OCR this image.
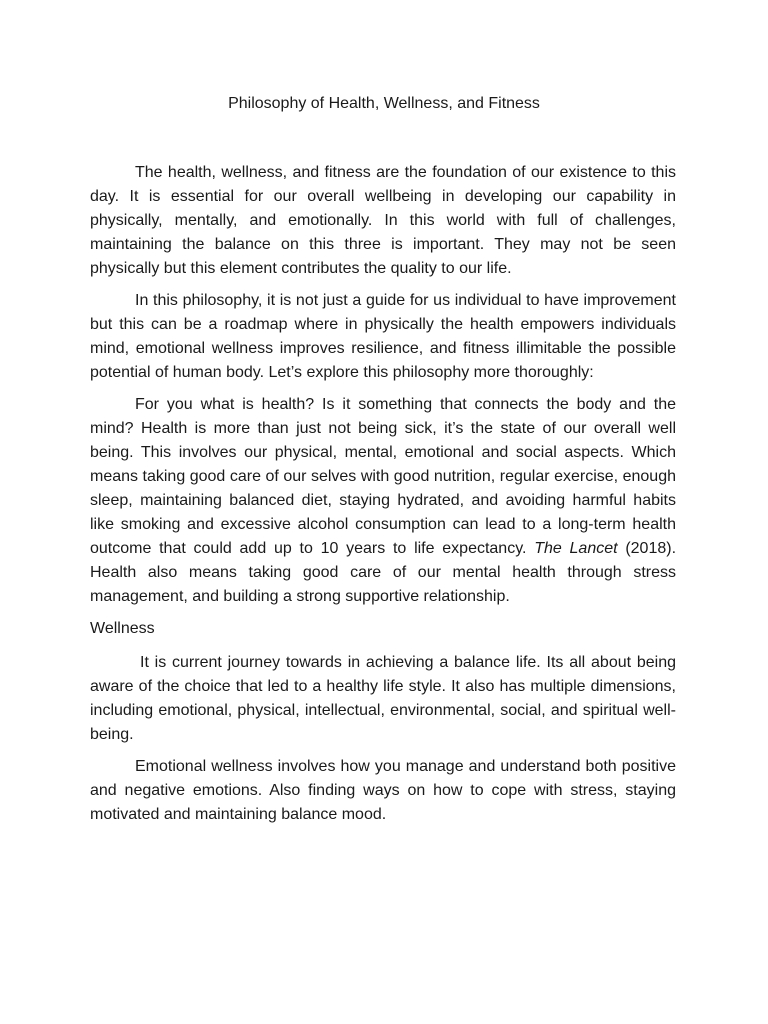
Philosophy of Health, Wellness, and Fitness

The health, wellness, and fitness are the foundation of our existence to this day. It is essential for our overall wellbeing in developing our capability in physically, mentally, and emotionally. In this world with full of challenges, maintaining the balance on this three is important. They may not be seen physically but this element contributes the quality to our life.

In this philosophy, it is not just a guide for us individual to have improvement but this can be a roadmap where in physically the health empowers individuals mind, emotional wellness improves resilience, and fitness illimitable the possible potential of human body. Let’s explore this philosophy more thoroughly:

For you what is health? Is it something that connects the body and the mind? Health is more than just not being sick, it’s the state of our overall well being. This involves our physical, mental, emotional and social aspects. Which means taking good care of our selves with good nutrition, regular exercise, enough sleep, maintaining balanced diet, staying hydrated, and avoiding harmful habits like smoking and excessive alcohol consumption can lead to a long-term health outcome that could add up to 10 years to life expectancy. The Lancet (2018). Health also means taking good care of our mental health through stress management, and building a strong supportive relationship.

Wellness

It is current journey towards in achieving a balance life. Its all about being aware of the choice that led to a healthy life style. It also has multiple dimensions, including emotional, physical, intellectual, environmental, social, and spiritual well-being.

Emotional wellness involves how you manage and understand both positive and negative emotions. Also finding ways on how to cope with stress, staying motivated and maintaining balance mood.
